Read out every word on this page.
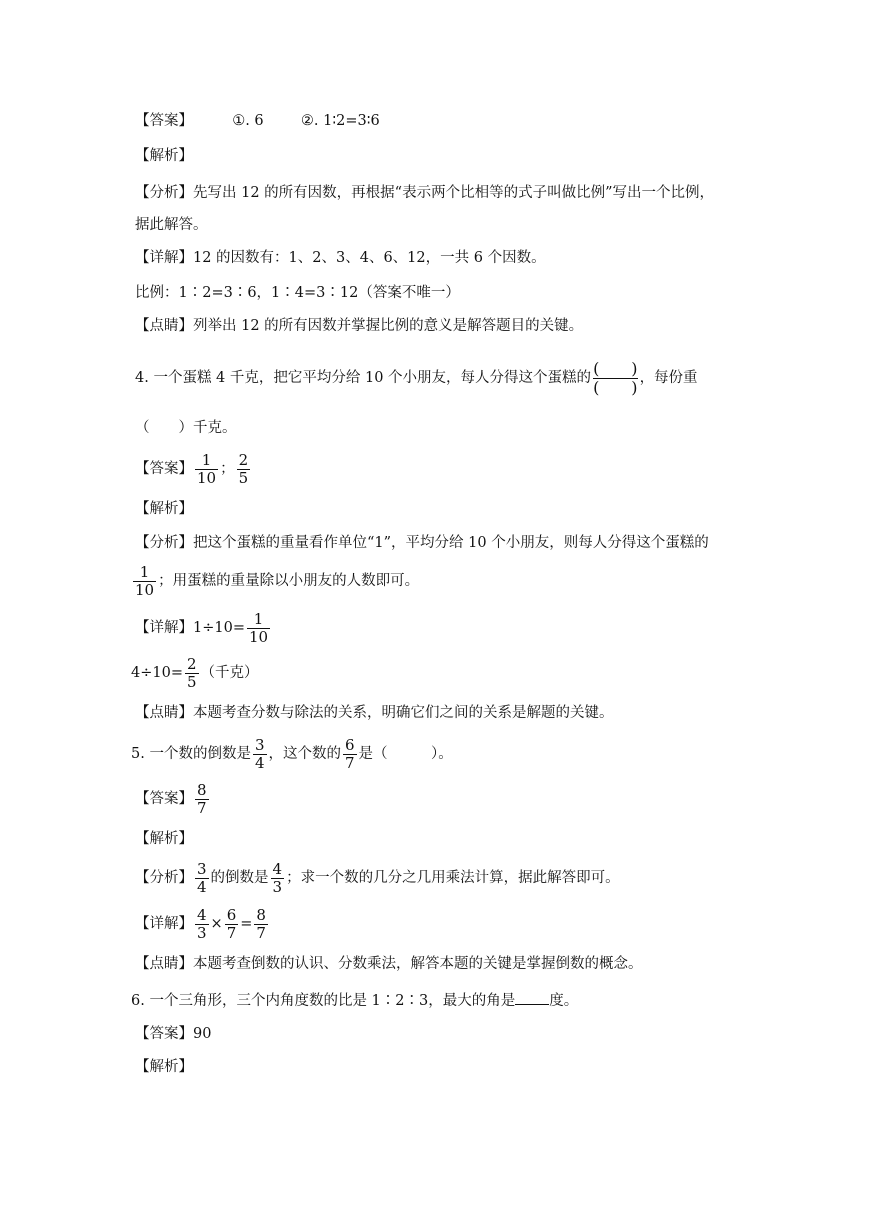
【答案】	①. 6	②. 1∶2=3∶6
【解析】
【分析】先写出 12 的所有因数，再根据“表示两个比相等的式子叫做比例”写出一个比例，
据此解答。
【详解】12 的因数有：1、2、3、4、6、12，一共 6 个因数。
比例：1∶2=3∶6，1∶4=3∶12（答案不唯一）
【点睛】列举出 12 的所有因数并掌握比例的意义是解答题目的关键。
4. 一个蛋糕 4 千克，把它平均分给 10 个小朋友，每人分得这个蛋糕的 $\frac{( )}{( )}$ ，每份重
（　　）千克。
【答案】 $\frac{1}{10}$ ； $\frac{2}{5}$
【解析】
【分析】把这个蛋糕的重量看作单位“1”，平均分给 10 个小朋友，则每人分得这个蛋糕的
$\frac{1}{10}$ ；用蛋糕的重量除以小朋友的人数即可。
【详解】$1\div 10= \frac{1}{10}$
$4\div 10= \frac{2}{5}$ （千克）
【点睛】本题考查分数与除法的关系，明确它们之间的关系是解题的关键。
5. 一个数的倒数是 $\frac{3}{4}$ ，这个数的 $\frac{6}{7}$ 是（　　　）。
【答案】 $\frac{8}{7}$
【解析】
【分析】 $\frac{3}{4}$ 的倒数是 $\frac{4}{3}$ ；求一个数的几分之几用乘法计算，据此解答即可。
【详解】 $\frac{4}{3} \times \frac{6}{7} = \frac{8}{7}$
【点睛】本题考查倒数的认识、分数乘法，解答本题的关键是掌握倒数的概念。
6. 一个三角形，三个内角度数的比是 1∶2∶3，最大的角是 度。
【答案】90
【解析】
